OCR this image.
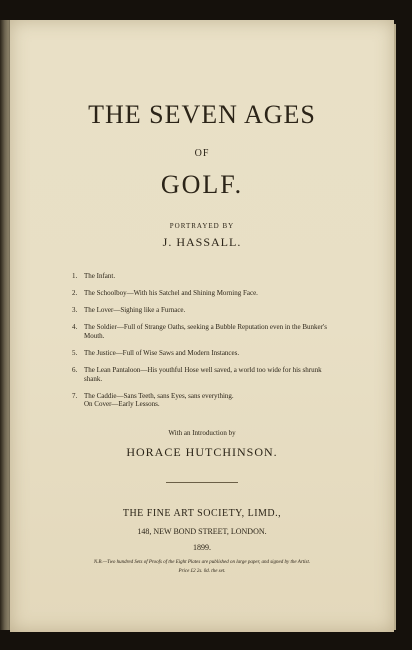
THE SEVEN AGES
OF
GOLF.
PORTRAYED BY
J. HASSALL.
1. The Infant.
2. The Schoolboy—With his Satchel and Shining Morning Face.
3. The Lover—Sighing like a Furnace.
4. The Soldier—Full of Strange Oaths, seeking a Bubble Reputation even in the Bunker's Mouth.
5. The Justice—Full of Wise Saws and Modern Instances.
6. The Lean Pantaloon—His youthful Hose well saved, a world too wide for his shrunk shank.
7. The Caddie—Sans Teeth, sans Eyes, sans everything.
On Cover—Early Lessons.
With an Introduction by
HORACE HUTCHINSON.
THE FINE ART SOCIETY, LIMD.,
148, NEW BOND STREET, LONDON.
1899.
N.B.—Two hundred Sets of Proofs of the Eight Plates are published on large paper, and signed by the Artist.
Price £2 2s. 0d. the set.
